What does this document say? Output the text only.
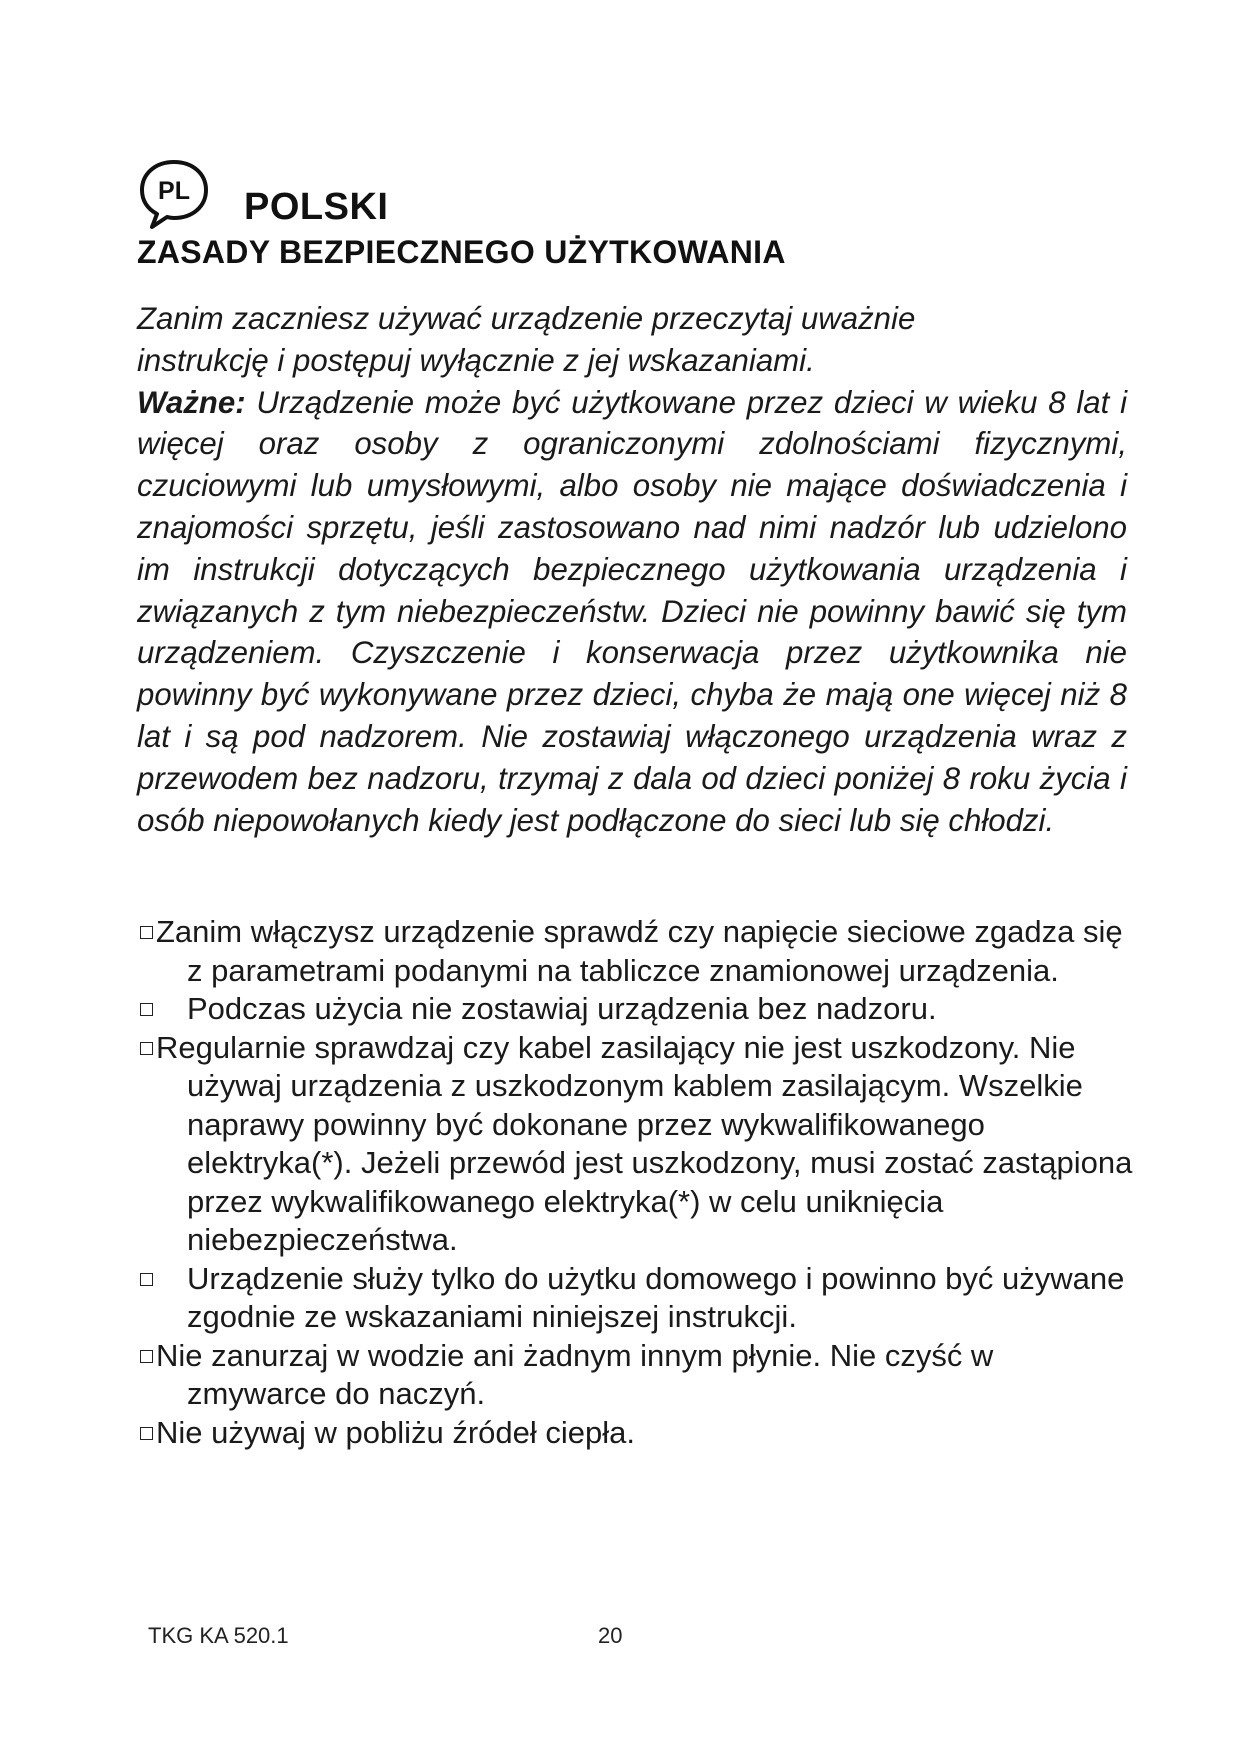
PL POLSKI
ZASADY BEZPIECZNEGO UŻYTKOWANIA

Zanim zaczniesz używać urządzenie przeczytaj uważnie instrukcję i postępuj wyłącznie z jej wskazaniami.

Ważne: Urządzenie może być użytkowane przez dzieci w wieku 8 lat i więcej oraz osoby z ograniczonymi zdolnościami fizycznymi, czuciowymi lub umysłowymi, albo osoby nie mające doświadczenia i znajomości sprzętu, jeśli zastosowano nad nimi nadzór lub udzielono im instrukcji dotyczących bezpiecznego użytkowania urządzenia i związanych z tym niebezpieczeństw. Dzieci nie powinny bawić się tym urządzeniem. Czyszczenie i konserwacja przez użytkownika nie powinny być wykonywane przez dzieci, chyba że mają one więcej niż 8 lat i są pod nadzorem. Nie zostawiaj włączonego urządzenia wraz z przewodem bez nadzoru, trzymaj z dala od dzieci poniżej 8 roku życia i osób niepowołanych kiedy jest podłączone do sieci lub się chłodzi.

Zanim włączysz urządzenie sprawdź czy napięcie sieciowe zgadza się z parametrami podanymi na tabliczce znamionowej urządzenia.
Podczas użycia nie zostawiaj urządzenia bez nadzoru.
Regularnie sprawdzaj czy kabel zasilający nie jest uszkodzony. Nie używaj urządzenia z uszkodzonym kablem zasilającym. Wszelkie naprawy powinny być dokonane przez wykwalifikowanego elektryka(*). Jeżeli przewód jest uszkodzony, musi zostać zastąpiona przez wykwalifikowanego elektryka(*) w celu uniknięcia niebezpieczeństwa.
Urządzenie służy tylko do użytku domowego i powinno być używane zgodnie ze wskazaniami niniejszej instrukcji.
Nie zanurzaj w wodzie ani żadnym innym płynie. Nie czyść w zmywarce do naczyń.
Nie używaj w pobliżu źródeł ciepła.
TKG KA 520.1	20
